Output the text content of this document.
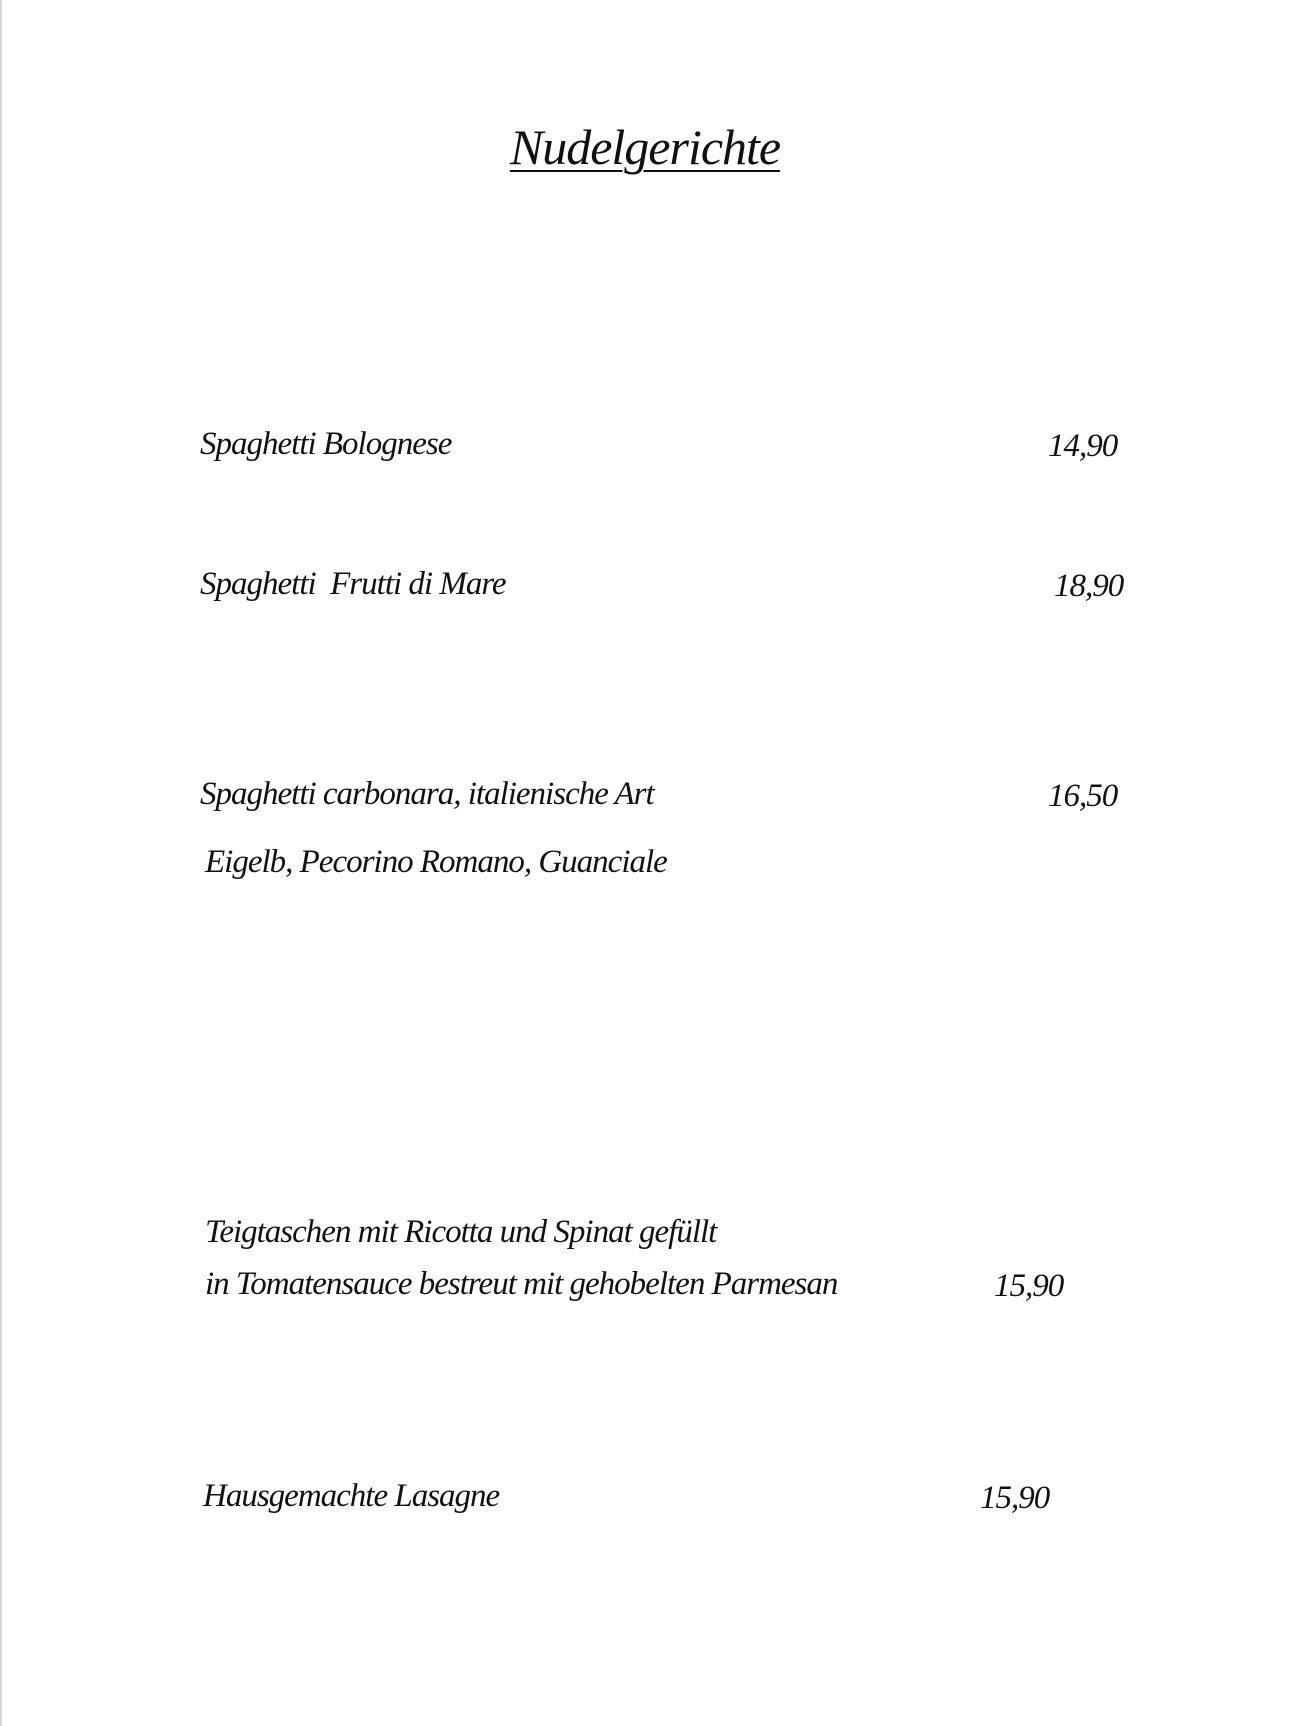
Nudelgerichte
Spaghetti Bolognese	14,90
Spaghetti  Frutti di Mare	18,90
Spaghetti carbonara, italienische Art	16,50
Eigelb, Pecorino Romano, Guanciale
Teigtaschen mit Ricotta und Spinat gefüllt
in Tomatensauce bestreut mit gehobelten Parmesan	15,90
Hausgemachte Lasagne	15,90
